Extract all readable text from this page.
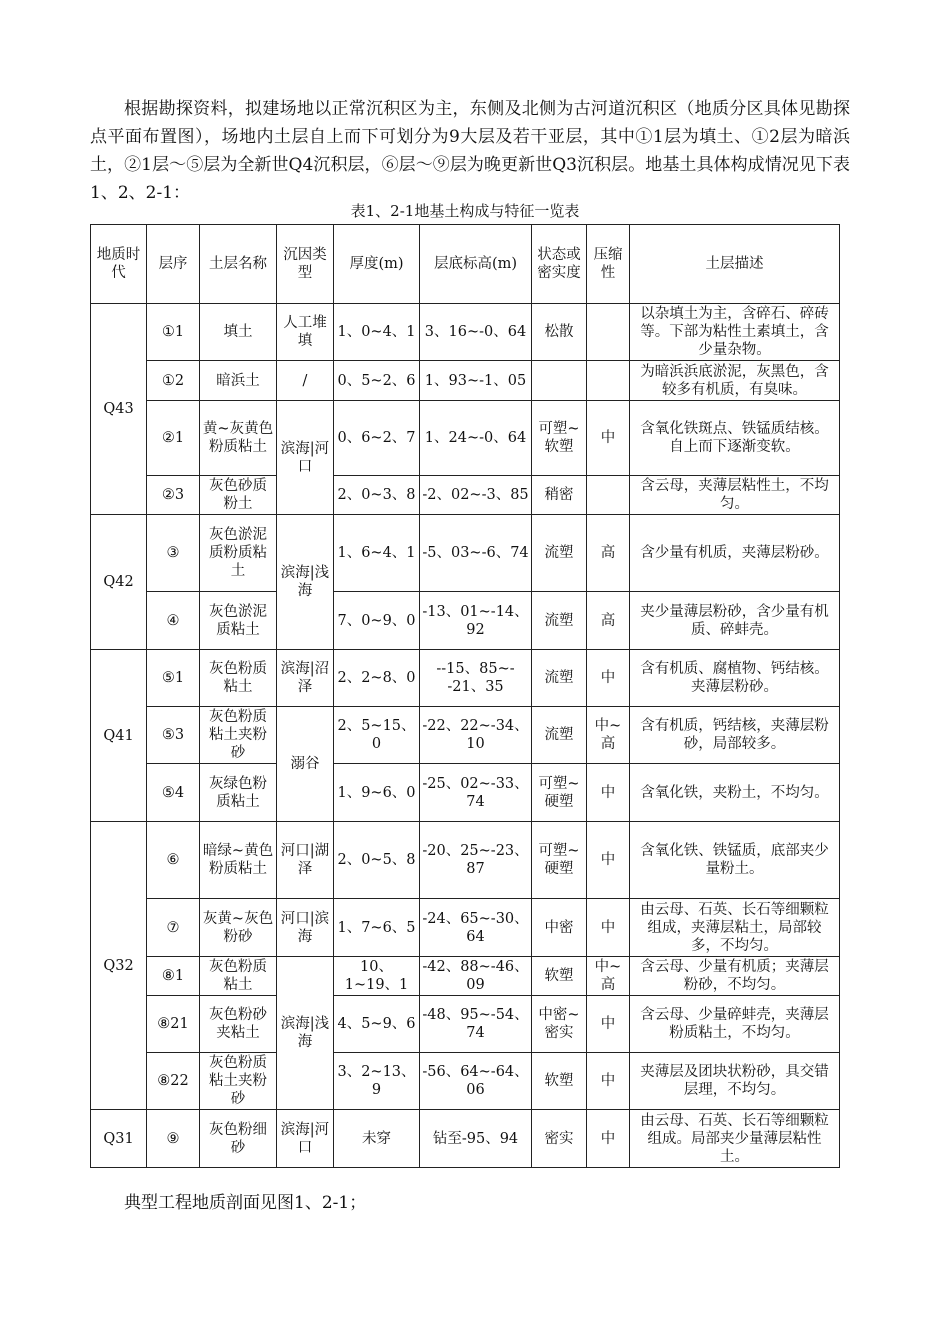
根据勘探资料，拟建场地以正常沉积区为主，东侧及北侧为古河道沉积区（地质分区具体见勘探点平面布置图），场地内土层自上而下可划分为9大层及若干亚层，其中①1层为填土、①2层为暗浜土，②1层～⑤层为全新世Q4沉积层，⑥层～⑨层为晚更新世Q3沉积层。地基土具体构成情况见下表1、2、2-1：

表1、2-1地基土构成与特征一览表
地质时代	层序	土层名称	沉因类型	厚度(m)	层底标高(m)	状态或密实度	压缩性	土层描述
Q43	①1	填土	人工堆填	1、0~4、1	3、16~-0、64	松散		以杂填土为主，含碎石、碎砖等。下部为粘性土素填土，含少量杂物。
	①2	暗浜土	/	0、5~2、6	1、93~-1、05			为暗浜浜底淤泥，灰黑色，含较多有机质，有臭味。
	②1	黄~灰黄色粉质粘土	滨海|河口	0、6~2、7	1、24~-0、64	可塑~软塑	中	含氧化铁斑点、铁锰质结核。自上而下逐渐变软。
	②3	灰色砂质粉土		2、0~3、8	-2、02~-3、85	稍密		含云母，夹薄层粘性土，不均匀。
Q42	③	灰色淤泥质粉质粘土	滨海|浅海	1、6~4、1	-5、03~-6、74	流塑	高	含少量有机质，夹薄层粉砂。
	④	灰色淤泥质粘土		7、0~9、0	-13、01~-14、92	流塑	高	夹少量薄层粉砂，含少量有机质、碎蚌壳。
Q41	⑤1	灰色粉质粘土	滨海|沼泽	2、2~8、0	--15、85~--21、35	流塑	中	含有机质、腐植物、钙结核。夹薄层粉砂。
	⑤3	灰色粉质粘土夹粉砂	溺谷	2、5~15、0	-22、22~-34、10	流塑	中~高	含有机质，钙结核，夹薄层粉砂，局部较多。
	⑤4	灰绿色粉质粘土		1、9~6、0	-25、02~-33、74	可塑~硬塑	中	含氧化铁，夹粉土，不均匀。
Q32	⑥	暗绿~黄色粉质粘土	河口|湖泽	2、0~5、8	-20、25~-23、87	可塑~硬塑	中	含氧化铁、铁锰质，底部夹少量粉土。
	⑦	灰黄~灰色粉砂	河口|滨海	1、7~6、5	-24、65~-30、64	中密	中	由云母、石英、长石等细颗粒组成，夹薄层粘土，局部较多，不均匀。
	⑧1	灰色粉质粘土	滨海|浅海	10、1~19、1	-42、88~-46、09	软塑	中~高	含云母、少量有机质；夹薄层粉砂，不均匀。
	⑧21	灰色粉砂夹粘土		4、5~9、6	-48、95~-54、74	中密~密实	中	含云母、少量碎蚌壳，夹薄层粉质粘土，不均匀。
	⑧22	灰色粉质粘土夹粉砂		3、2~13、9	-56、64~-64、06	软塑	中	夹薄层及团块状粉砂，具交错层理，不均匀。
Q31	⑨	灰色粉细砂	滨海|河口	未穿	钻至-95、94	密实	中	由云母、石英、长石等细颗粒组成。局部夹少量薄层粘性土。

典型工程地质剖面见图1、2-1；
